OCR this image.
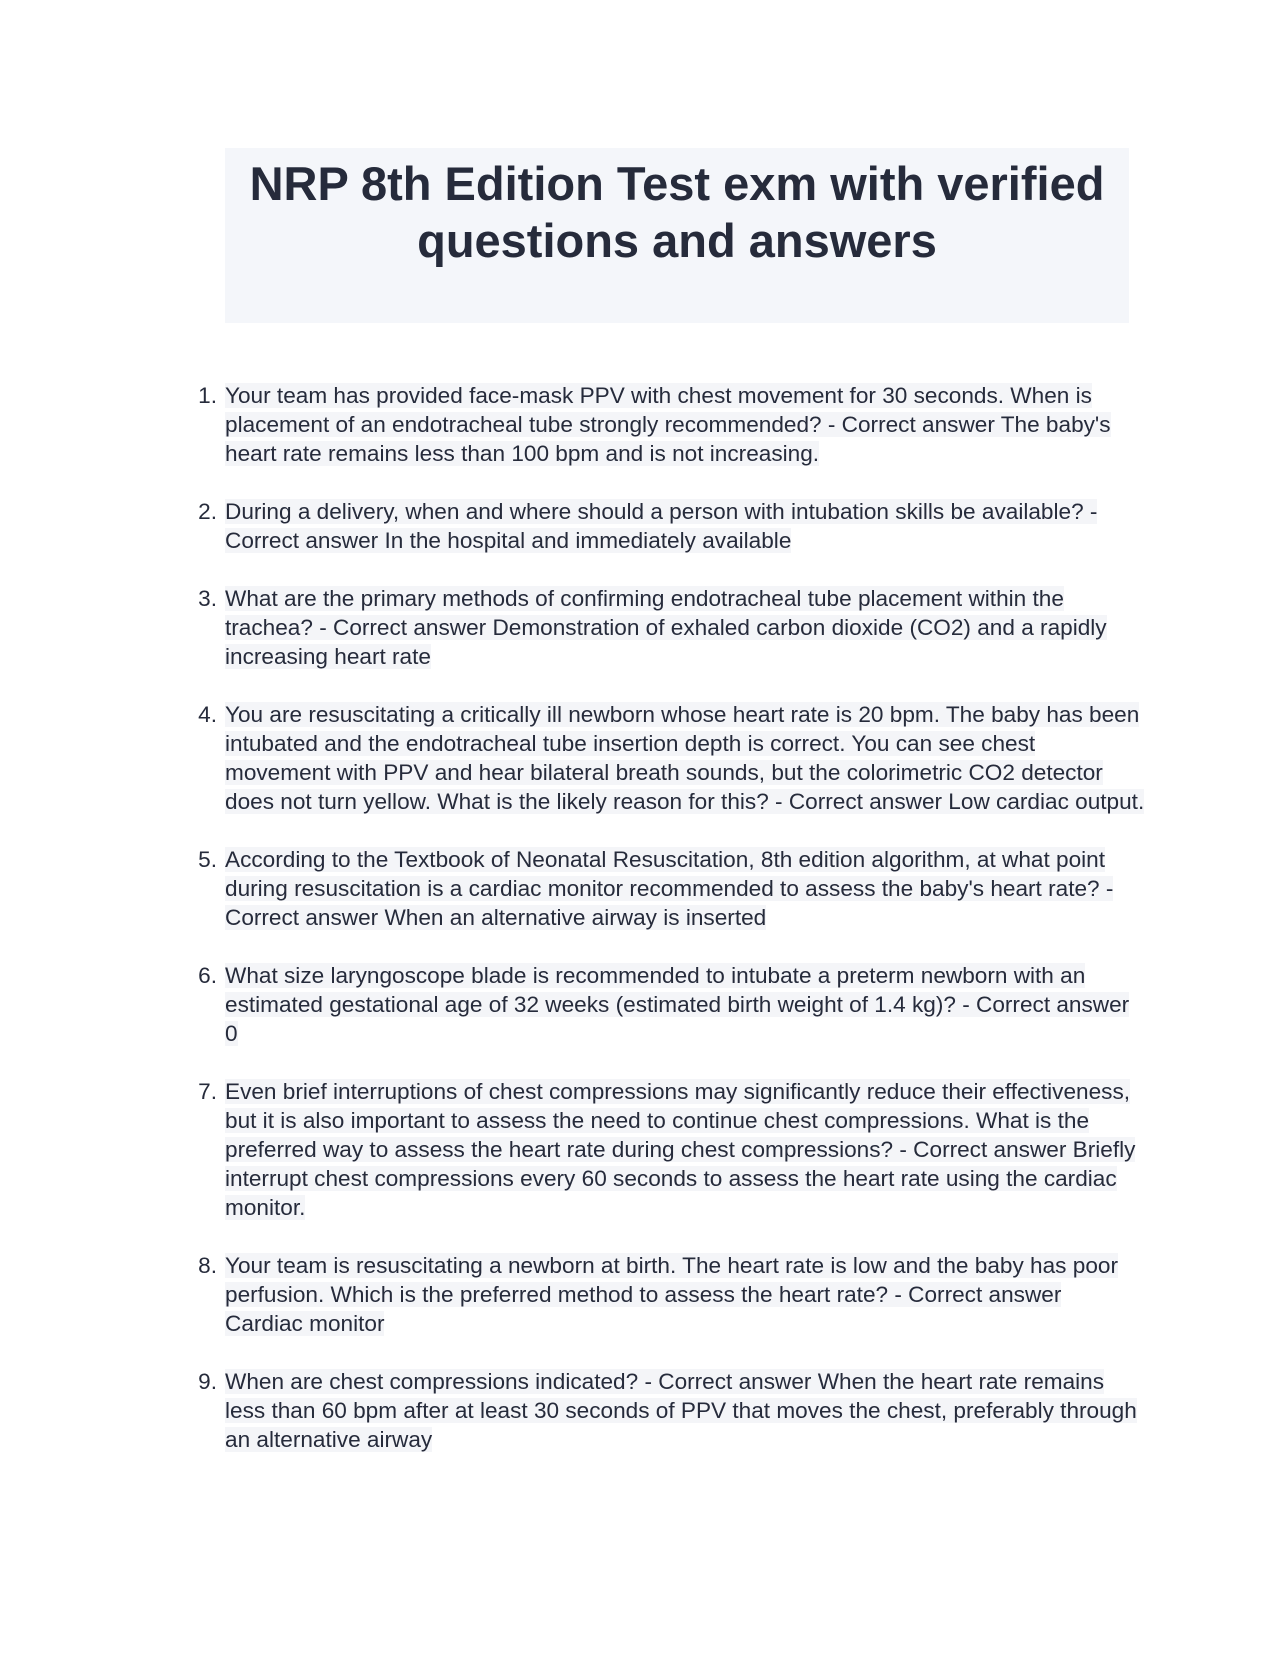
NRP 8th Edition Test exm with verified questions and answers
1. Your team has provided face-mask PPV with chest movement for 30 seconds. When is placement of an endotracheal tube strongly recommended? - Correct answer The baby's heart rate remains less than 100 bpm and is not increasing.
2. During a delivery, when and where should a person with intubation skills be available? - Correct answer In the hospital and immediately available
3. What are the primary methods of confirming endotracheal tube placement within the trachea? - Correct answer Demonstration of exhaled carbon dioxide (CO2) and a rapidly increasing heart rate
4. You are resuscitating a critically ill newborn whose heart rate is 20 bpm. The baby has been intubated and the endotracheal tube insertion depth is correct. You can see chest movement with PPV and hear bilateral breath sounds, but the colorimetric CO2 detector does not turn yellow. What is the likely reason for this? - Correct answer Low cardiac output.
5. According to the Textbook of Neonatal Resuscitation, 8th edition algorithm, at what point during resuscitation is a cardiac monitor recommended to assess the baby's heart rate? - Correct answer When an alternative airway is inserted
6. What size laryngoscope blade is recommended to intubate a preterm newborn with an estimated gestational age of 32 weeks (estimated birth weight of 1.4 kg)? - Correct answer 0
7. Even brief interruptions of chest compressions may significantly reduce their effectiveness, but it is also important to assess the need to continue chest compressions. What is the preferred way to assess the heart rate during chest compressions? - Correct answer Briefly interrupt chest compressions every 60 seconds to assess the heart rate using the cardiac monitor.
8. Your team is resuscitating a newborn at birth. The heart rate is low and the baby has poor perfusion. Which is the preferred method to assess the heart rate? - Correct answer Cardiac monitor
9. When are chest compressions indicated? - Correct answer When the heart rate remains less than 60 bpm after at least 30 seconds of PPV that moves the chest, preferably through an alternative airway
